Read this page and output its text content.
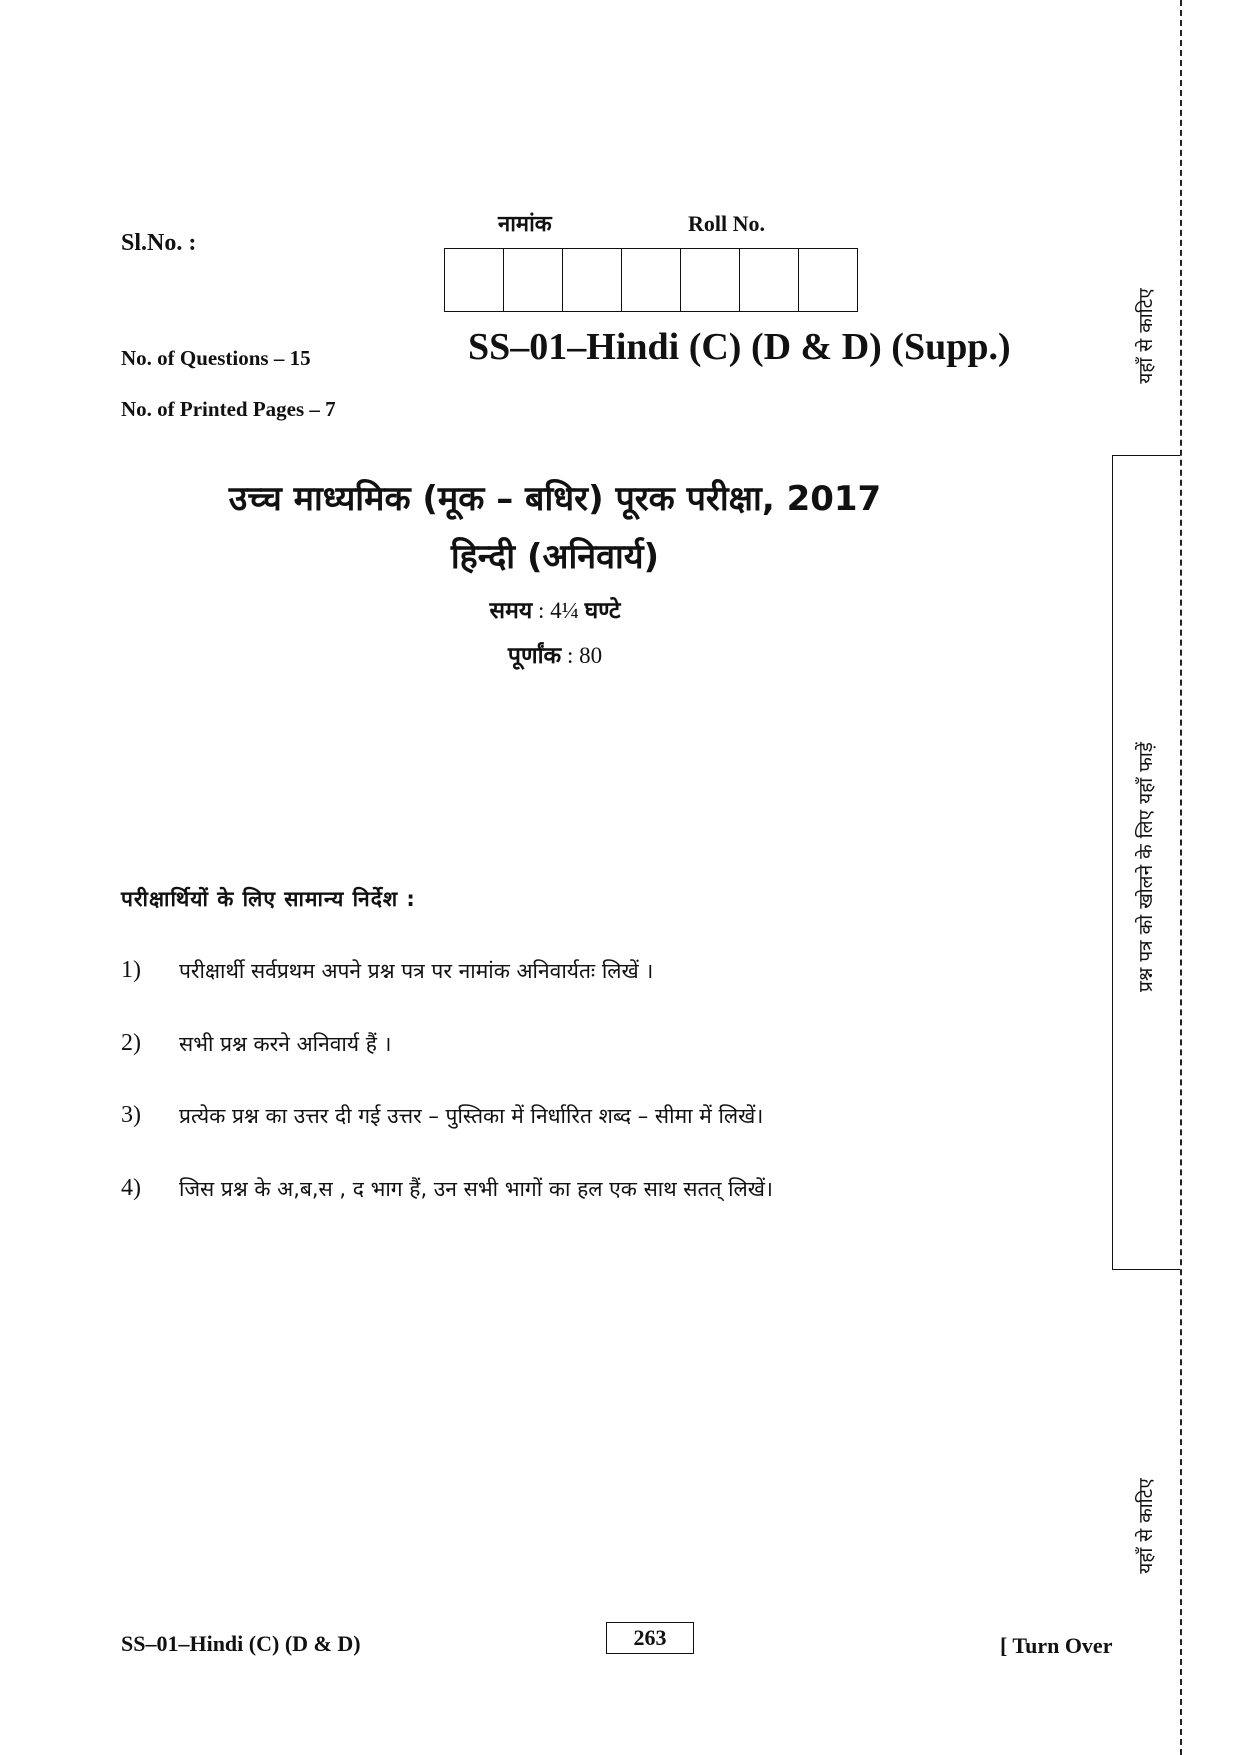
Sl.No. :
नामांक	Roll No.
SS–01–Hindi (C) (D & D) (Supp.)
No. of Questions – 15
No. of Printed Pages – 7
उच्च माध्यमिक (मूक – बधिर) पूरक परीक्षा, 2017
हिन्दी (अनिवार्य)
समय : 4¼ घण्टे
पूर्णांक : 80
परीक्षार्थियों के लिए सामान्य निर्देश :
1)	परीक्षार्थी सर्वप्रथम अपने प्रश्न पत्र पर नामांक अनिवार्यतः लिखें ।
2)	सभी प्रश्न करने अनिवार्य हैं ।
3)	प्रत्येक प्रश्न का उत्तर दी गई उत्तर – पुस्तिका में निर्धारित शब्द – सीमा में लिखें।
4)	जिस प्रश्न के अ,ब,स , द भाग हैं, उन सभी भागों का हल एक साथ सतत् लिखें।
SS–01–Hindi (C) (D & D)	263	[ Turn Over
यहाँ से काटिए
प्रश्न पत्र को खोलने के लिए यहाँ फाड़ें
यहाँ से काटिए
